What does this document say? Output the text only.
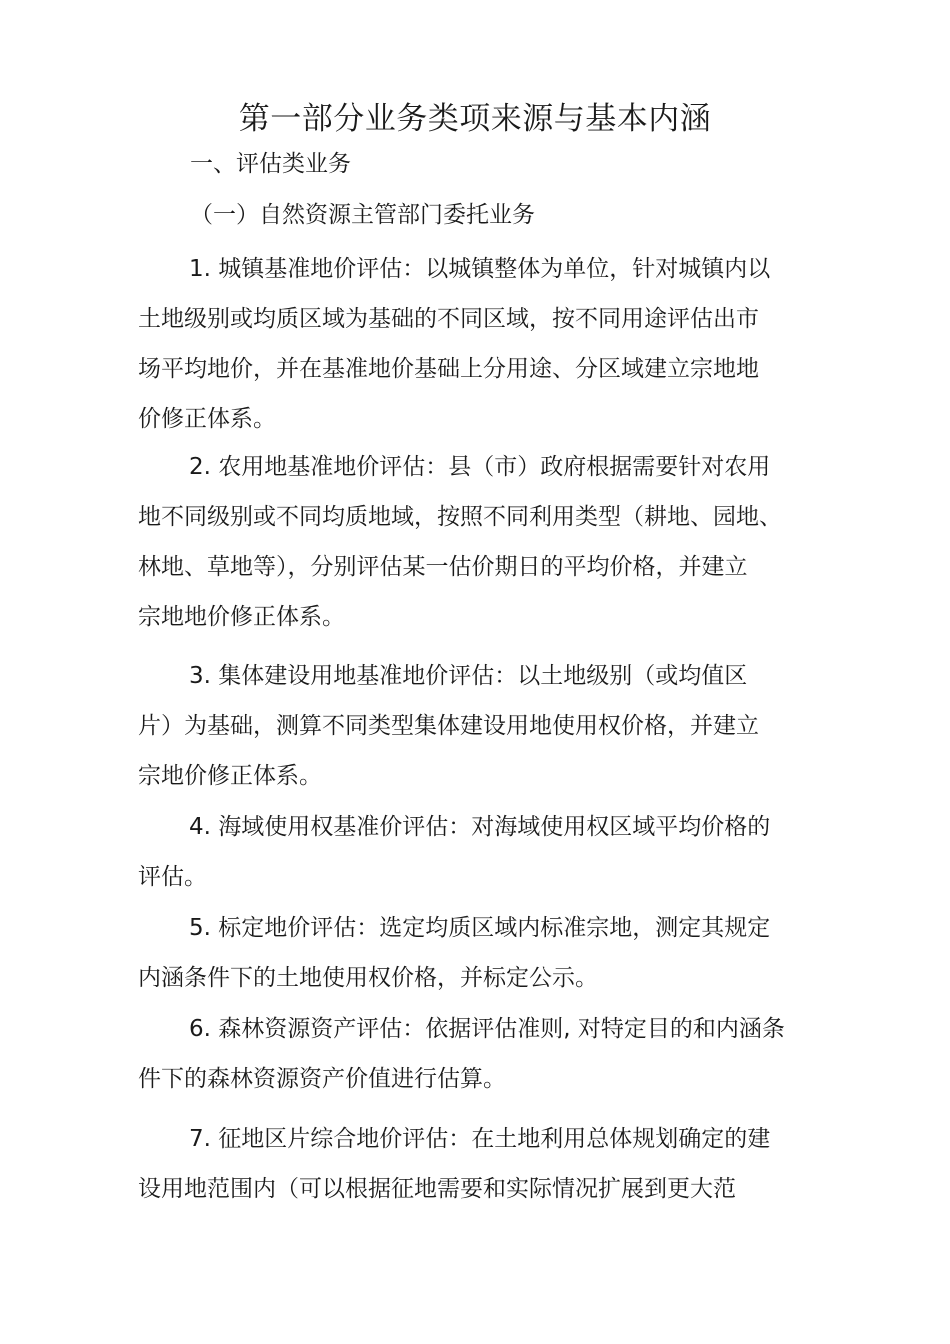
第一部分业务类项来源与基本内涵
一、评估类业务
（一）自然资源主管部门委托业务
1. 城镇基准地价评估：以城镇整体为单位，针对城镇内以
土地级别或均质区域为基础的不同区域，按不同用途评估出市
场平均地价，并在基准地价基础上分用途、分区域建立宗地地
价修正体系。
2. 农用地基准地价评估：县（市）政府根据需要针对农用
地不同级别或不同均质地域，按照不同利用类型（耕地、园地、
林地、草地等），分别评估某一估价期日的平均价格，并建立
宗地地价修正体系。
3. 集体建设用地基准地价评估：以土地级别（或均值区
片）为基础，测算不同类型集体建设用地使用权价格，并建立
宗地价修正体系。
4. 海域使用权基准价评估：对海域使用权区域平均价格的
评估。
5. 标定地价评估：选定均质区域内标准宗地，测定其规定
内涵条件下的土地使用权价格，并标定公示。
6. 森林资源资产评估：依据评估准则, 对特定目的和内涵条
件下的森林资源资产价值进行估算。
7. 征地区片综合地价评估：在土地利用总体规划确定的建
设用地范围内（可以根据征地需要和实际情况扩展到更大范
